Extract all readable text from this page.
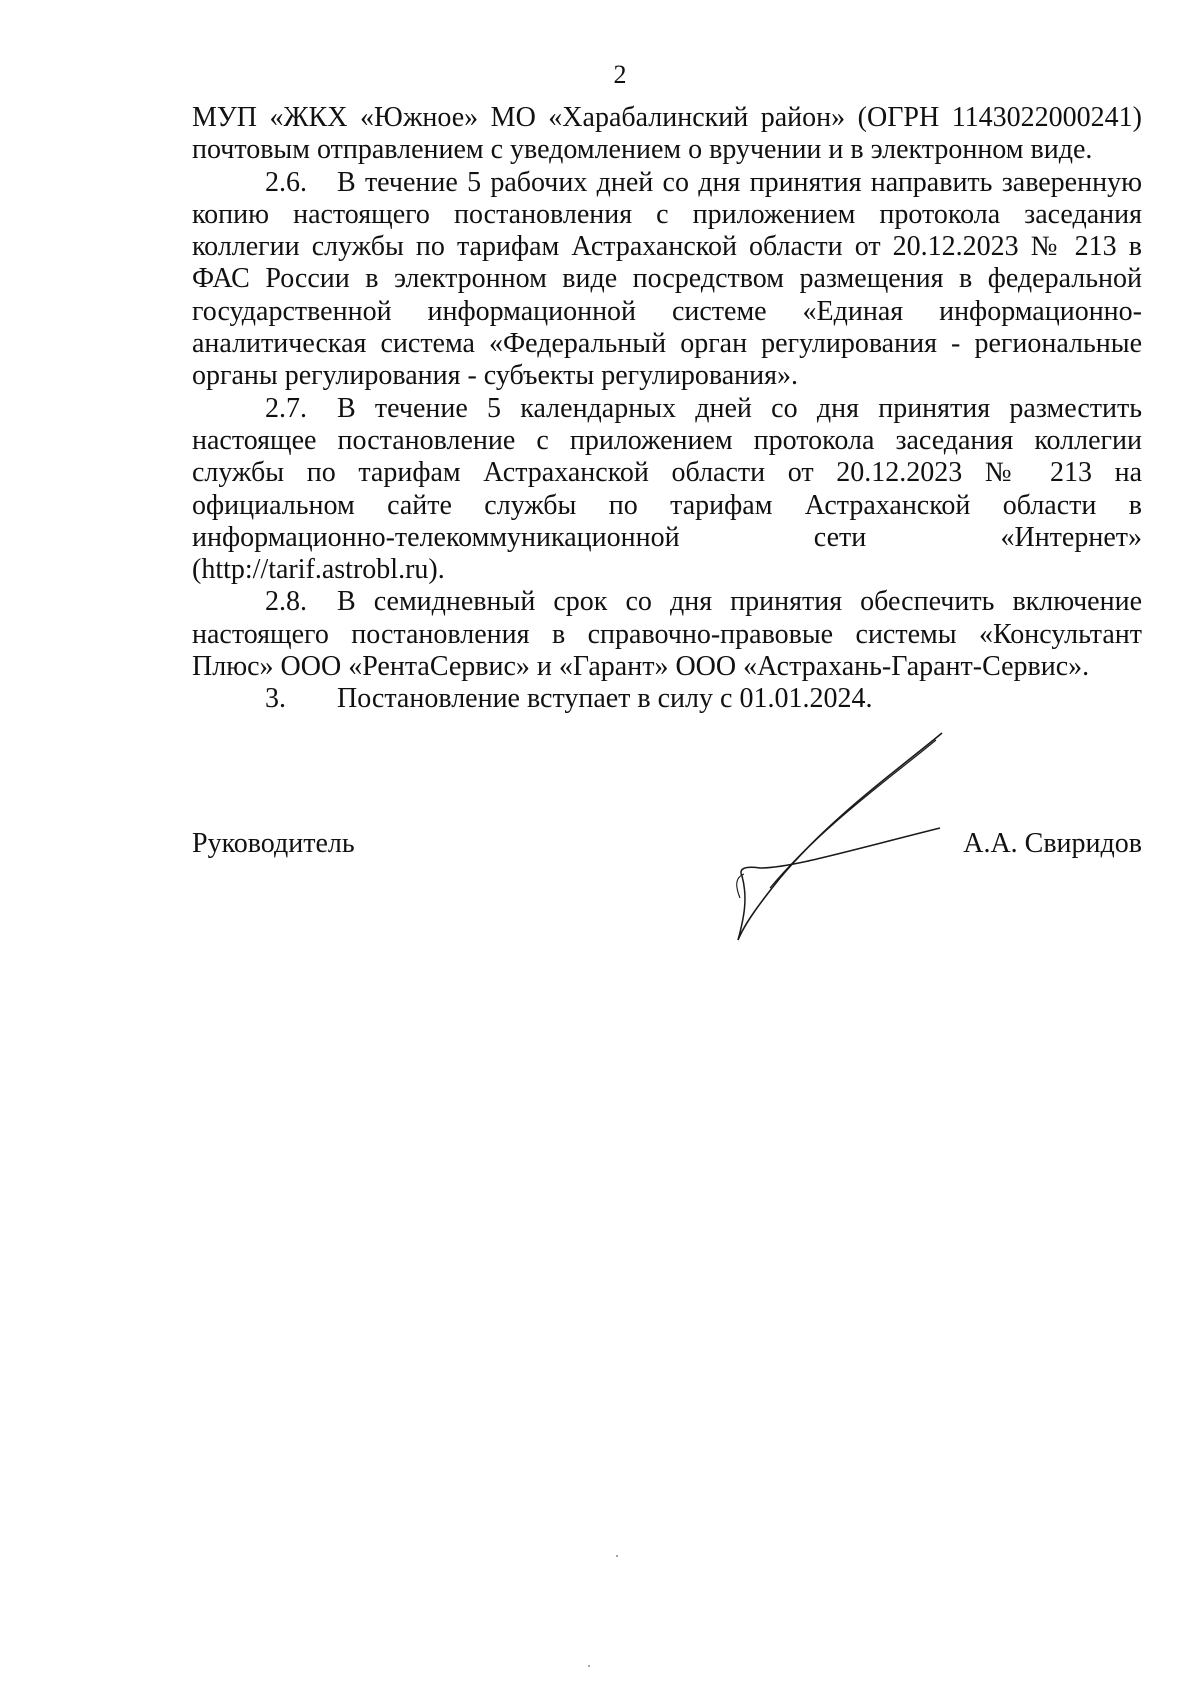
2
МУП «ЖКХ «Южное» МО «Харабалинский район» (ОГРН 1143022000241)
почтовым отправлением с уведомлением о вручении и в электронном виде.
2.6. В течение 5 рабочих дней со дня принятия направить заверенную
копию настоящего постановления с приложением протокола заседания
коллегии службы по тарифам Астраханской области от 20.12.2023 № 213 в
ФАС России в электронном виде посредством размещения в федеральной
государственной информационной системе «Единая информационно-
аналитическая система «Федеральный орган регулирования - региональные
органы регулирования - субъекты регулирования».
2.7. В течение 5 календарных дней со дня принятия разместить
настоящее постановление с приложением протокола заседания коллегии
службы по тарифам Астраханской области от 20.12.2023 № 213 на
официальном сайте службы по тарифам Астраханской области в
информационно-телекоммуникационной сети «Интернет»
(http://tarif.astrobl.ru).
2.8. В семидневный срок со дня принятия обеспечить включение
настоящего постановления в справочно-правовые системы «Консультант
Плюс» ООО «РентаСервис» и «Гарант» ООО «Астрахань-Гарант-Сервис».
3. Постановление вступает в силу с 01.01.2024.
Руководитель	А.А. Свиридов
